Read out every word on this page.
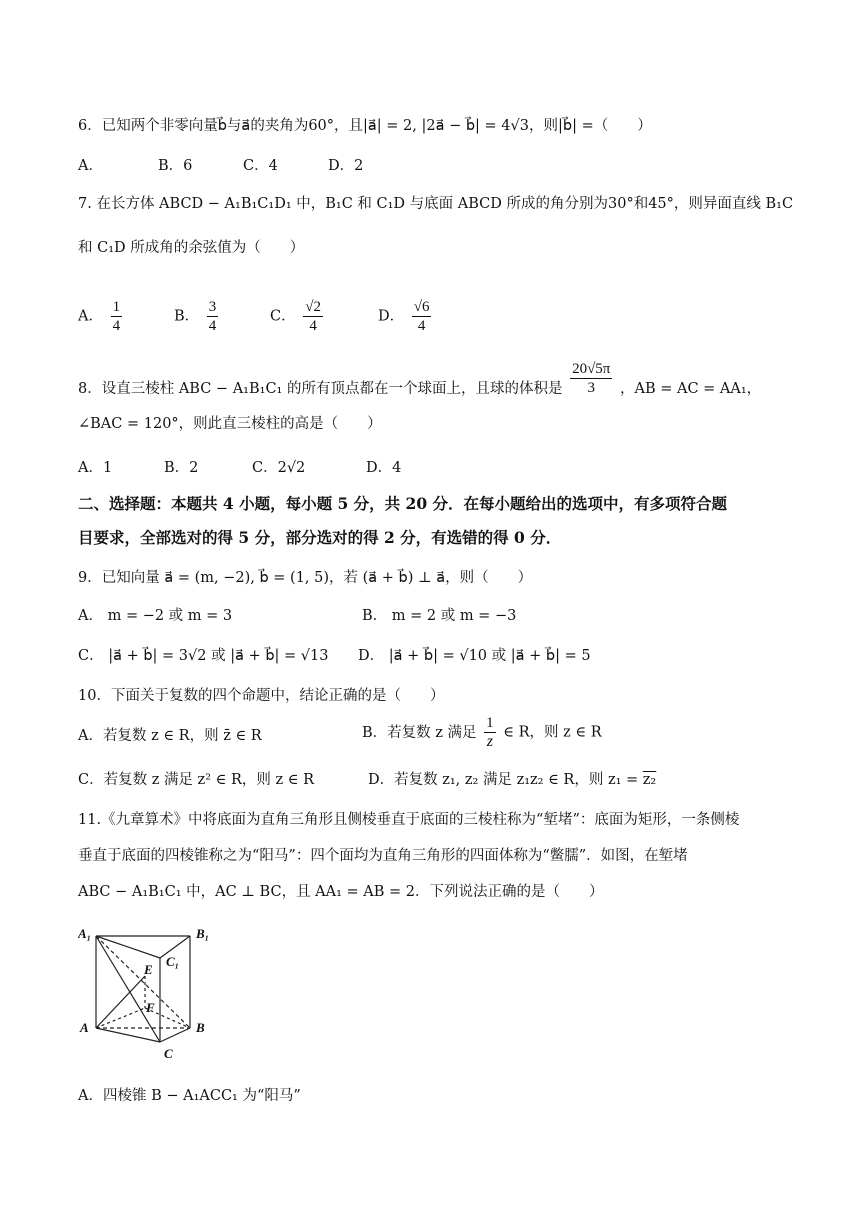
6．已知两个非零向量b⃗与a⃗的夹角为60°，且|a⃗| = 2, |2a⃗ − b⃗| = 4√3，则|b⃗| =（　　）
A．	B．6	C．4	D．2
7. 在长方体 ABCD − A₁B₁C₁D₁ 中，B₁C 和 C₁D 与底面 ABCD 所成的角分别为30°和45°，则异面直线 B₁C
和 C₁D 所成角的余弦值为（　　）
A． $\frac{1}{4}$	B． $\frac{3}{4}$	C． $\frac{√2}{4}$	D． $\frac{√6}{4}$
8．设直三棱柱 ABC − A₁B₁C₁ 的所有顶点都在一个球面上，且球的体积是 $\frac{20√5\pi}{3}$ ，AB = AC = AA₁，
∠BAC = 120°，则此直三棱柱的高是（　　）
A．1	B．2	C．2√2	D．4
二、选择题：本题共 4 小题，每小题 5 分，共 20 分．在每小题给出的选项中，有多项符合题
目要求，全部选对的得 5 分，部分选对的得 2 分，有选错的得 0 分．
9．已知向量 a⃗ = (m, −2), b⃗ = (1, 5)，若 (a⃗ + b⃗) ⊥ a⃗，则（　　）
A． m = −2 或 m = 3	B． m = 2 或 m = −3
C． |a⃗ + b⃗| = 3√2 或 |a⃗ + b⃗| = √13 D． |a⃗ + b⃗| = √10 或 |a⃗ + b⃗| = 5
10．下面关于复数的四个命题中，结论正确的是（　　）
A．若复数 z ∈ R，则 z̄ ∈ R	B．若复数 z 满足 $\frac{1}{z}$ ∈ R，则 z ∈ R
C．若复数 z 满足 z² ∈ R，则 z ∈ R	D．若复数 z₁, z₂ 满足 z₁z₂ ∈ R，则 z₁ = z₂
11.《九章算术》中将底面为直角三角形且侧棱垂直于底面的三棱柱称为“堑堵”：底面为矩形，一条侧棱
垂直于底面的四棱锥称之为“阳马”：四个面均为直角三角形的四面体称为“鳖臑”．如图，在堑堵
ABC − A₁B₁C₁ 中，AC ⊥ BC，且 AA₁ = AB = 2．下列说法正确的是（　　）
A₁	B₁
C₁
E
F
A	B
C
A．四棱锥 B − A₁ACC₁ 为“阳马”
